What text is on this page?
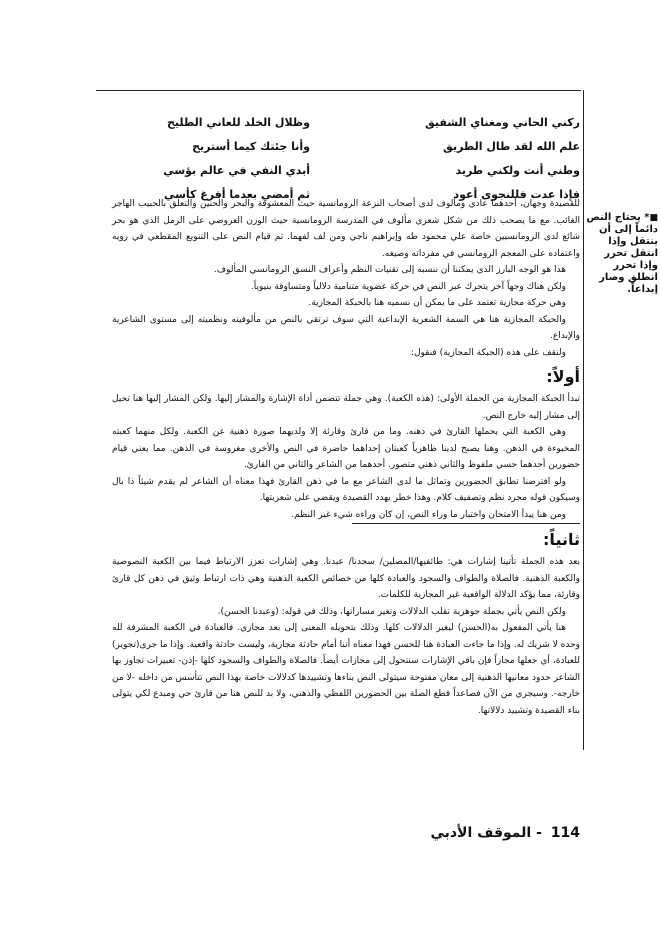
ركني الحاني ومغناي الشفيق
وظلال الخلد للعاني الطليح
علم الله لقد طال الطريق
وأنا جئتك كيما أستريح
وطني أنت ولكني طريد
أبدي النفي في عالم بؤسي
فإذا عدت فللنجوى أعود
ثم أمضي بعدما أفرغ كأسي

للقصيدة وجهان، أحدهما عادي ومألوف لدى أصحاب النزعة الرومانسية حيث المعشوقة والبحر والحنين والتعلق بالحبيب الهاجر الغائب. مع ما يصحب ذلك من شكل شعري مألوف في المدرسة الرومانسية حيث الوزن العروضي على الرمل الذي هو بحر شائع لدى الرومانسيين خاصة علي محمود طه وإبراهيم ناجي ومن لف لفهما. ثم قيام النص على التنويع المقطعي في رويه واعتماده على المعجم الرومانسي في مفرداته وصيغه.

هذا هو الوجه البارز الذي يمكننا أن ننسبه إلى تقنيات النظم وأعراف النسق الرومانسي المألوف.

ولكن هناك وجهاً آخر يتحرك عبر النص في حركة عضوية متنامية دلالياً ومتساوقة بنيوياً.

وهي حركة مجازية تعتمد على ما يمكن أن نسميه هنا بالحبكة المجازية.

والحبكة المجازية هنا هي السمة الشعرية الإبداعية التي سوف ترتقي بالنص من مألوفيته ونظميته إلى مستوى الشاعرية والإبداع.

ولنقف على هذه (الحبكة المجازية) فنقول:

أولاً:

تبدأ الحبكة المجازية من الجملة الأولى: (هذه الكعبة). وهي جملة تتضمن أداة الإشارة والمشار إليها. ولكن المشار إليها هنا تحيل إلى مشار إليه خارج النص.

وهي الكعبة التي يحملها القارئ في ذهنه. وما من قارئ وقارئة إلا ولديهما صورة ذهنية عن الكعبة. ولكل منهما كعبته المخبوءة في الذهن. وهنا يصبح لدينا ظاهرياً كعبتان إحداهما حاضرة في النص والأخرى مغروسة في الذهن. مما يعني قيام حضورين أحدهما حسي ملفوظ والثاني ذهني متصور. أحدهما من الشاعر والثاني من القارئ.

ولو افترضنا تطابق الحضورين وتماثل ما لدى الشاعر مع ما في ذهن القارئ فهذا معناه أن الشاعر لم يقدم شيئاً ذا بال وسيكون قوله مجرد نظم وتصفيف كلام. وهذا خطر يهدد القصيدة ويقضي على شعريتها.

ومن هنا يبدأ الامتحان واختبار ما وراء النص، إن كان وراءه شيء غير النظم.

ثانياً:

بعد هذه الجملة تأتينا إشارات هي: طائفيها/المصلين/ سجدنا/ عبدنا. وهي إشارات تعزز الارتباط فيما بين الكعبة النصوصية والكعبة الذهنية. فالصلاة والطواف والسجود والعبادة كلها من خصائص الكعبة الذهنية وهي ذات ارتباط وثيق في ذهن كل قارئ وقارئة، مما يؤكد الدلالة الواقعية غير المجازية للكلمات.

ولكن النص يأتي بجملة جوهرية تقلب الدلالات وتغير مساراتها، وذلك في قوله: (وعبدنا الحسن).

هنا يأتي المفعول به(الحسن) ليغير الدلالات كلها. وذلك بتحويله المعنى إلى بعد مجازي. فالعبادة في الكعبة المشرفة لله وحده لا شريك له. وإذا ما جاءت العبادة هنا للحسن فهذا معناه أننا أمام حادثة مجازية، وليست حادثة واقعية. وإذا ما جرى(تجويز) للعبادة، أي جعلها مجازاً فإن باقي الإشارات ستتحول إلى مجازات أيضاً. فالصلاة والطواف والسجود كلها -إذن- تعبيرات تجاوز بها الشاعر حدود معانيها الذهنية إلى معان مفتوحة سيتولى النص بناءها وتشييدها كدلالات خاصة بهذا النص تتأسس من داخله -لا من خارجه-. وسيجري من الآن فصاعداً قطع الصلة بين الحضورين اللفظي والذهني، ولا بد للنص هنا من قارئ حي ومبدع لكي يتولى بناء القصيدة وتشييد دلالاتها.

■* يحتاج النص دائماً إلى أن ينتقل وإذا انتقل تحرر وإذا تحرر انطلق وصار إبداعاً.
114 - الموقف الأدبي
